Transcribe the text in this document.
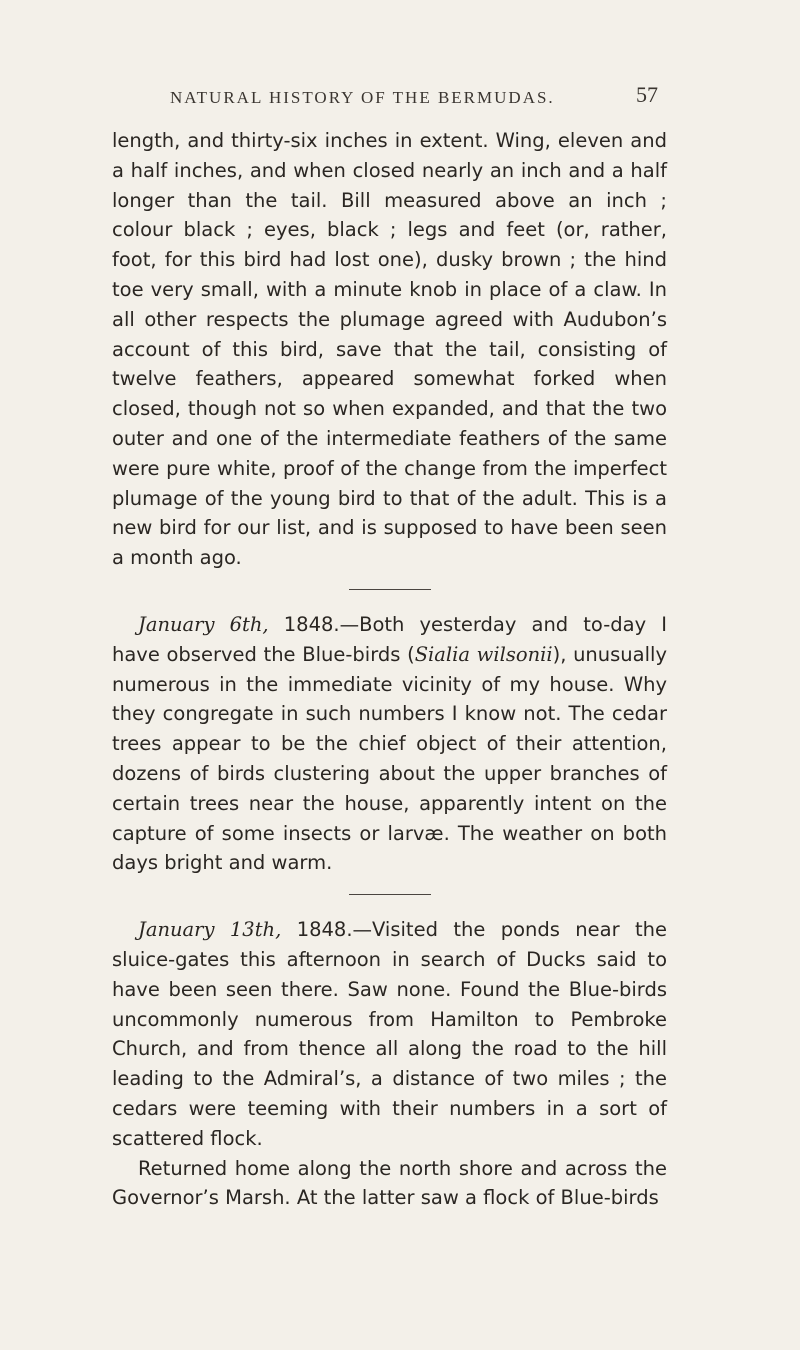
NATURAL HISTORY OF THE BERMUDAS.	57

length, and thirty-six inches in extent. Wing, eleven and a half inches, and when closed nearly an inch and a half longer than the tail. Bill measured above an inch ; colour black ; eyes, black ; legs and feet (or, rather, foot, for this bird had lost one), dusky brown ; the hind toe very small, with a minute knob in place of a claw. In all other respects the plumage agreed with Audubon’s account of this bird, save that the tail, consisting of twelve feathers, appeared somewhat forked when closed, though not so when expanded, and that the two outer and one of the intermediate feathers of the same were pure white, proof of the change from the imperfect plumage of the young bird to that of the adult. This is a new bird for our list, and is supposed to have been seen a month ago.

January 6th, 1848.—Both yesterday and to-day I have observed the Blue-birds (Sialia wilsonii), unusually numerous in the immediate vicinity of my house. Why they congregate in such numbers I know not. The cedar trees appear to be the chief object of their attention, dozens of birds clustering about the upper branches of certain trees near the house, apparently intent on the capture of some insects or larvæ. The weather on both days bright and warm.

January 13th, 1848.—Visited the ponds near the sluice-gates this afternoon in search of Ducks said to have been seen there. Saw none. Found the Blue-birds uncommonly numerous from Hamilton to Pembroke Church, and from thence all along the road to the hill leading to the Admiral’s, a distance of two miles ; the cedars were teeming with their numbers in a sort of scattered flock.

Returned home along the north shore and across the Governor’s Marsh. At the latter saw a flock of Blue-birds
